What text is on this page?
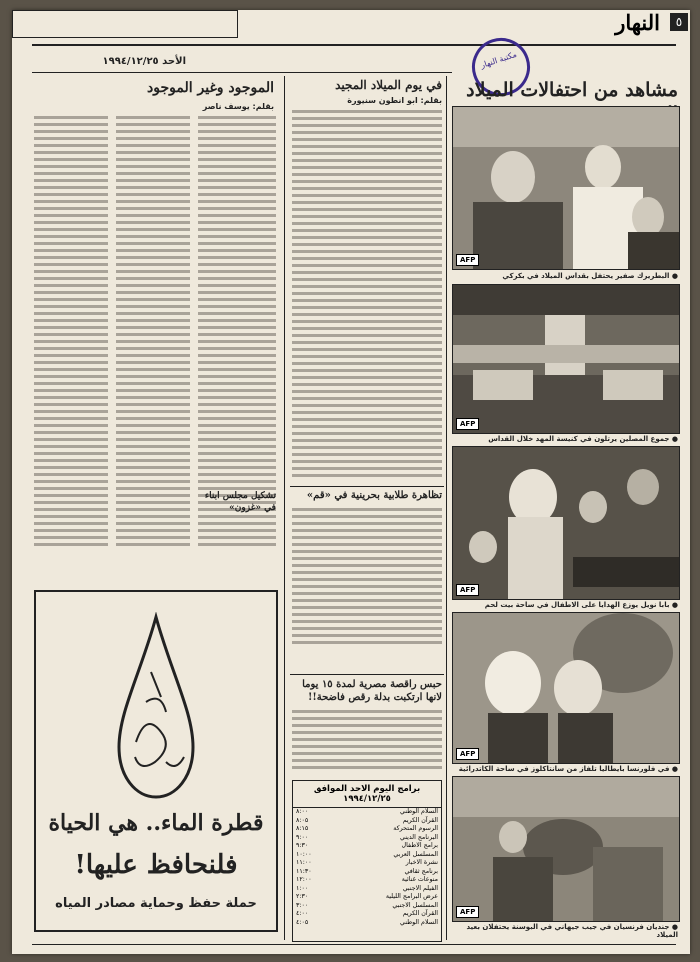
الأحد ١٩٩٤/١٢/٢٥
النهار	٥
مكتبة النهار
مشاهد من احتفالات الميلاد
AFP
● البطريرك صفير يحتفل بقداس الميلاد في بكركي
AFP
● جموع المصلين يرتلون في كنيسة المهد خلال القداس
AFP
● بابا نويل يوزع الهدايا على الاطفال في ساحة بيت لحم
AFP
● في فلورنسا بايطاليا تلفاز من سانتاكلوز في ساحة الكاتدرائية
AFP
● جنديان فرنسيان في جيب جيهاني في البوسنة يحتفلان بعيد الميلاد
في يوم الميلاد المجيد
بقلم: ابو انطون سنيورة
تظاهرة طلابية بحرينية في «قم»
حبس راقصة مصرية لمدة ١٥ يوما لانها ارتكبت بدلة رقص فاضحة!!
برامج اليوم الاحد الموافق ١٩٩٤/١٢/٢٥
السلام الوطني	٨:٠٠
القرآن الكريم	٨:٠٥
الرسوم المتحركة	٨:١٥
البرنامج الديني	٩:٠٠
برامج الاطفال	٩:٣٠
المسلسل العربي	١٠:٠٠
نشرة الاخبار	١١:٠٠
برنامج ثقافي	١١:٣٠
منوعات غنائية	١٢:٠٠
الفيلم الاجنبي	١:٠٠
عرض البرامج الليلية	٢:٣٠
المسلسل الاجنبي	٣:٠٠
القرآن الكريم	٤:٠٠
السلام الوطني	٤:٠٥
الموجود وغير الموجود
بقلم: يوسف ناصر
تشكيل مجلس ابناء في «غزون»
قطرة الماء.. هي الحياة
فلنحافظ عليها!
حملة حفظ وحماية مصادر المياه
